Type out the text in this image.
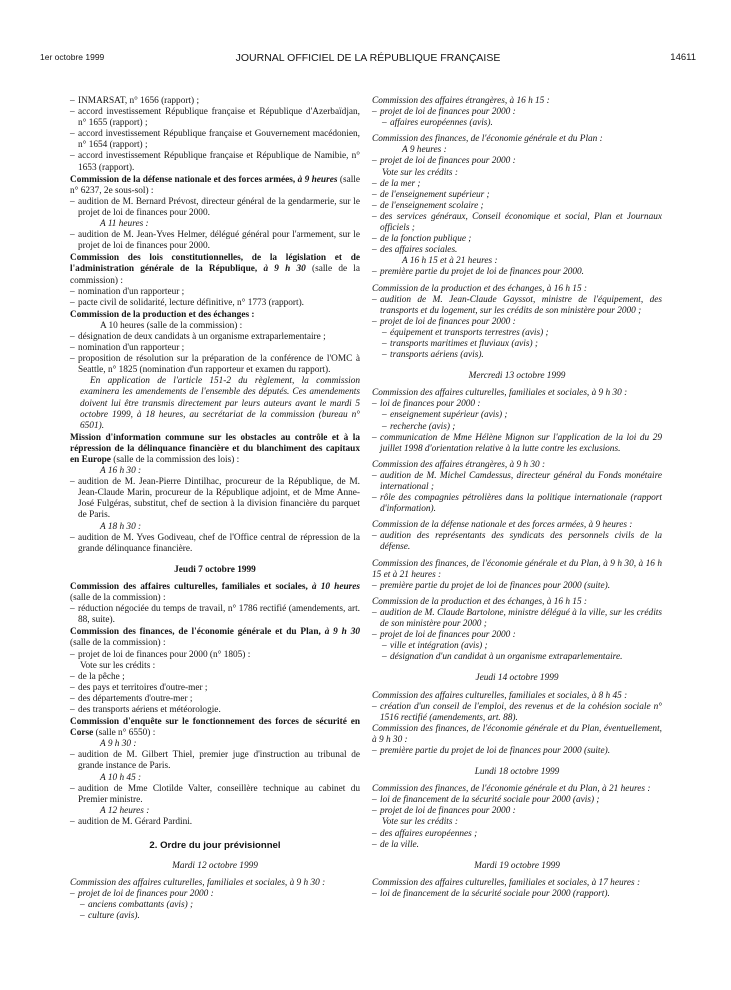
1er octobre 1999	JOURNAL OFFICIEL DE LA RÉPUBLIQUE FRANÇAISE	14611

– INMARSAT, n° 1656 (rapport) ;

– accord investissement République française et République d'Azerbaïdjan, n° 1655 (rapport) ;

– accord investissement République française et Gouvernement macédonien, n° 1654 (rapport) ;

– accord investissement République française et République de Namibie, n° 1653 (rapport).

Commission de la défense nationale et des forces armées, à 9 heures (salle n° 6237, 2e sous-sol) :

– audition de M. Bernard Prévost, directeur général de la gendarmerie, sur le projet de loi de finances pour 2000.

A 11 heures :

– audition de M. Jean-Yves Helmer, délégué général pour l'armement, sur le projet de loi de finances pour 2000.

Commission des lois constitutionnelles, de la législation et de l'administration générale de la République, à 9 h 30 (salle de la commission) :

– nomination d'un rapporteur ;

– pacte civil de solidarité, lecture définitive, n° 1773 (rapport).

Commission de la production et des échanges :

A 10 heures (salle de la commission) :

– désignation de deux candidats à un organisme extraparlementaire ;

– nomination d'un rapporteur ;

– proposition de résolution sur la préparation de la conférence de l'OMC à Seattle, n° 1825 (nomination d'un rapporteur et examen du rapport).

En application de l'article 151-2 du règlement, la commission examinera les amendements de l'ensemble des députés. Ces amendements doivent lui être transmis directement par leurs auteurs avant le mardi 5 octobre 1999, à 18 heures, au secrétariat de la commission (bureau n° 6501).

Mission d'information commune sur les obstacles au contrôle et à la répression de la délinquance financière et du blanchiment des capitaux en Europe (salle de la commission des lois) :

A 16 h 30 :

– audition de M. Jean-Pierre Dintilhac, procureur de la République, de M. Jean-Claude Marin, procureur de la République adjoint, et de Mme Anne-José Fulgéras, substitut, chef de section à la division financière du parquet de Paris.

A 18 h 30 :

– audition de M. Yves Godiveau, chef de l'Office central de répression de la grande délinquance financière.

Jeudi 7 octobre 1999

Commission des affaires culturelles, familiales et sociales, à 10 heures (salle de la commission) :

– réduction négociée du temps de travail, n° 1786 rectifié (amendements, art. 88, suite).

Commission des finances, de l'économie générale et du Plan, à 9 h 30 (salle de la commission) :

– projet de loi de finances pour 2000 (n° 1805) :

Vote sur les crédits :

– de la pêche ;

– des pays et territoires d'outre-mer ;

– des départements d'outre-mer ;

– des transports aériens et météorologie.

Commission d'enquête sur le fonctionnement des forces de sécurité en Corse (salle n° 6550) :

A 9 h 30 :

– audition de M. Gilbert Thiel, premier juge d'instruction au tribunal de grande instance de Paris.

A 10 h 45 :

– audition de Mme Clotilde Valter, conseillère technique au cabinet du Premier ministre.

A 12 heures :

– audition de M. Gérard Pardini.

2. Ordre du jour prévisionnel

Mardi 12 octobre 1999

Commission des affaires culturelles, familiales et sociales, à 9 h 30 :

– projet de loi de finances pour 2000 :

– anciens combattants (avis) ;

– culture (avis).

Commission des affaires étrangères, à 16 h 15 :

– projet de loi de finances pour 2000 :

– affaires européennes (avis).

Commission des finances, de l'économie générale et du Plan :

A 9 heures :

– projet de loi de finances pour 2000 :

Vote sur les crédits :

– de la mer ;

– de l'enseignement supérieur ;

– de l'enseignement scolaire ;

– des services généraux, Conseil économique et social, Plan et Journaux officiels ;

– de la fonction publique ;

– des affaires sociales.

A 16 h 15 et à 21 heures :

– première partie du projet de loi de finances pour 2000.

Commission de la production et des échanges, à 16 h 15 :

– audition de M. Jean-Claude Gayssot, ministre de l'équipement, des transports et du logement, sur les crédits de son ministère pour 2000 ;

– projet de loi de finances pour 2000 :

– équipement et transports terrestres (avis) ;

– transports maritimes et fluviaux (avis) ;

– transports aériens (avis).

Mercredi 13 octobre 1999

Commission des affaires culturelles, familiales et sociales, à 9 h 30 :

– loi de finances pour 2000 :

– enseignement supérieur (avis) ;

– recherche (avis) ;

– communication de Mme Hélène Mignon sur l'application de la loi du 29 juillet 1998 d'orientation relative à la lutte contre les exclusions.

Commission des affaires étrangères, à 9 h 30 :

– audition de M. Michel Camdessus, directeur général du Fonds monétaire international ;

– rôle des compagnies pétrolières dans la politique internationale (rapport d'information).

Commission de la défense nationale et des forces armées, à 9 heures :

– audition des représentants des syndicats des personnels civils de la défense.

Commission des finances, de l'économie générale et du Plan, à 9 h 30, à 16 h 15 et à 21 heures :

– première partie du projet de loi de finances pour 2000 (suite).

Commission de la production et des échanges, à 16 h 15 :

– audition de M. Claude Bartolone, ministre délégué à la ville, sur les crédits de son ministère pour 2000 ;

– projet de loi de finances pour 2000 :

– ville et intégration (avis) ;

– désignation d'un candidat à un organisme extraparlementaire.

Jeudi 14 octobre 1999

Commission des affaires culturelles, familiales et sociales, à 8 h 45 :

– création d'un conseil de l'emploi, des revenus et de la cohésion sociale n° 1516 rectifié (amendements, art. 88).

Commission des finances, de l'économie générale et du Plan, éventuellement, à 9 h 30 :

– première partie du projet de loi de finances pour 2000 (suite).

Lundi 18 octobre 1999

Commission des finances, de l'économie générale et du Plan, à 21 heures :

– loi de financement de la sécurité sociale pour 2000 (avis) ;

– projet de loi de finances pour 2000 :

Vote sur les crédits :

– des affaires européennes ;

– de la ville.

Mardi 19 octobre 1999

Commission des affaires culturelles, familiales et sociales, à 17 heures :

– loi de financement de la sécurité sociale pour 2000 (rapport).
